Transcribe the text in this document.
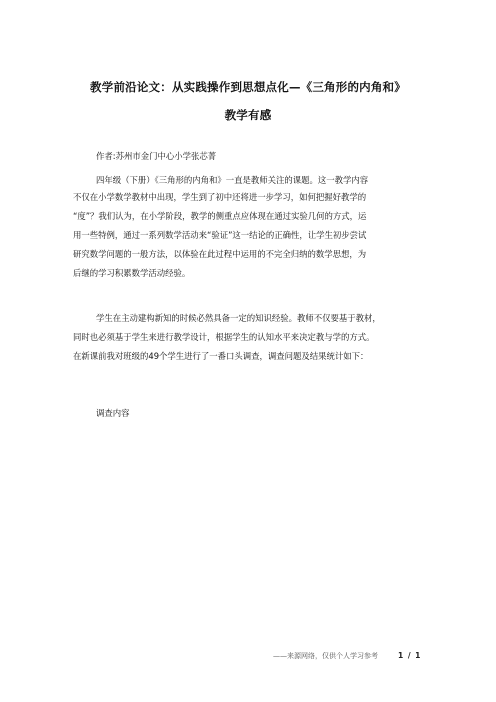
教学前沿论文：从实践操作到思想点化—《三角形的内角和》
教学有感
作者:苏州市金门中心小学张芯菁
四年级（下册）《三角形的内角和》一直是教师关注的课题。这一教学内容
不仅在小学数学教材中出现，学生到了初中还将进一步学习，如何把握好教学的
“度”？我们认为，在小学阶段，教学的侧重点应体现在通过实验几何的方式，运
用一些特例，通过一系列数学活动来“验证”这一结论的正确性，让学生初步尝试
研究数学问题的一般方法，以体验在此过程中运用的不完全归纳的数学思想，为
后继的学习积累数学活动经验。
学生在主动建构新知的时候必然具备一定的知识经验。教师不仅要基于教材，
同时也必须基于学生来进行教学设计，根据学生的认知水平来决定教与学的方式。
在新课前我对班级的49个学生进行了一番口头调查，调查问题及结果统计如下：
调查内容
——来源网络，仅供个人学习参考	1 / 1
